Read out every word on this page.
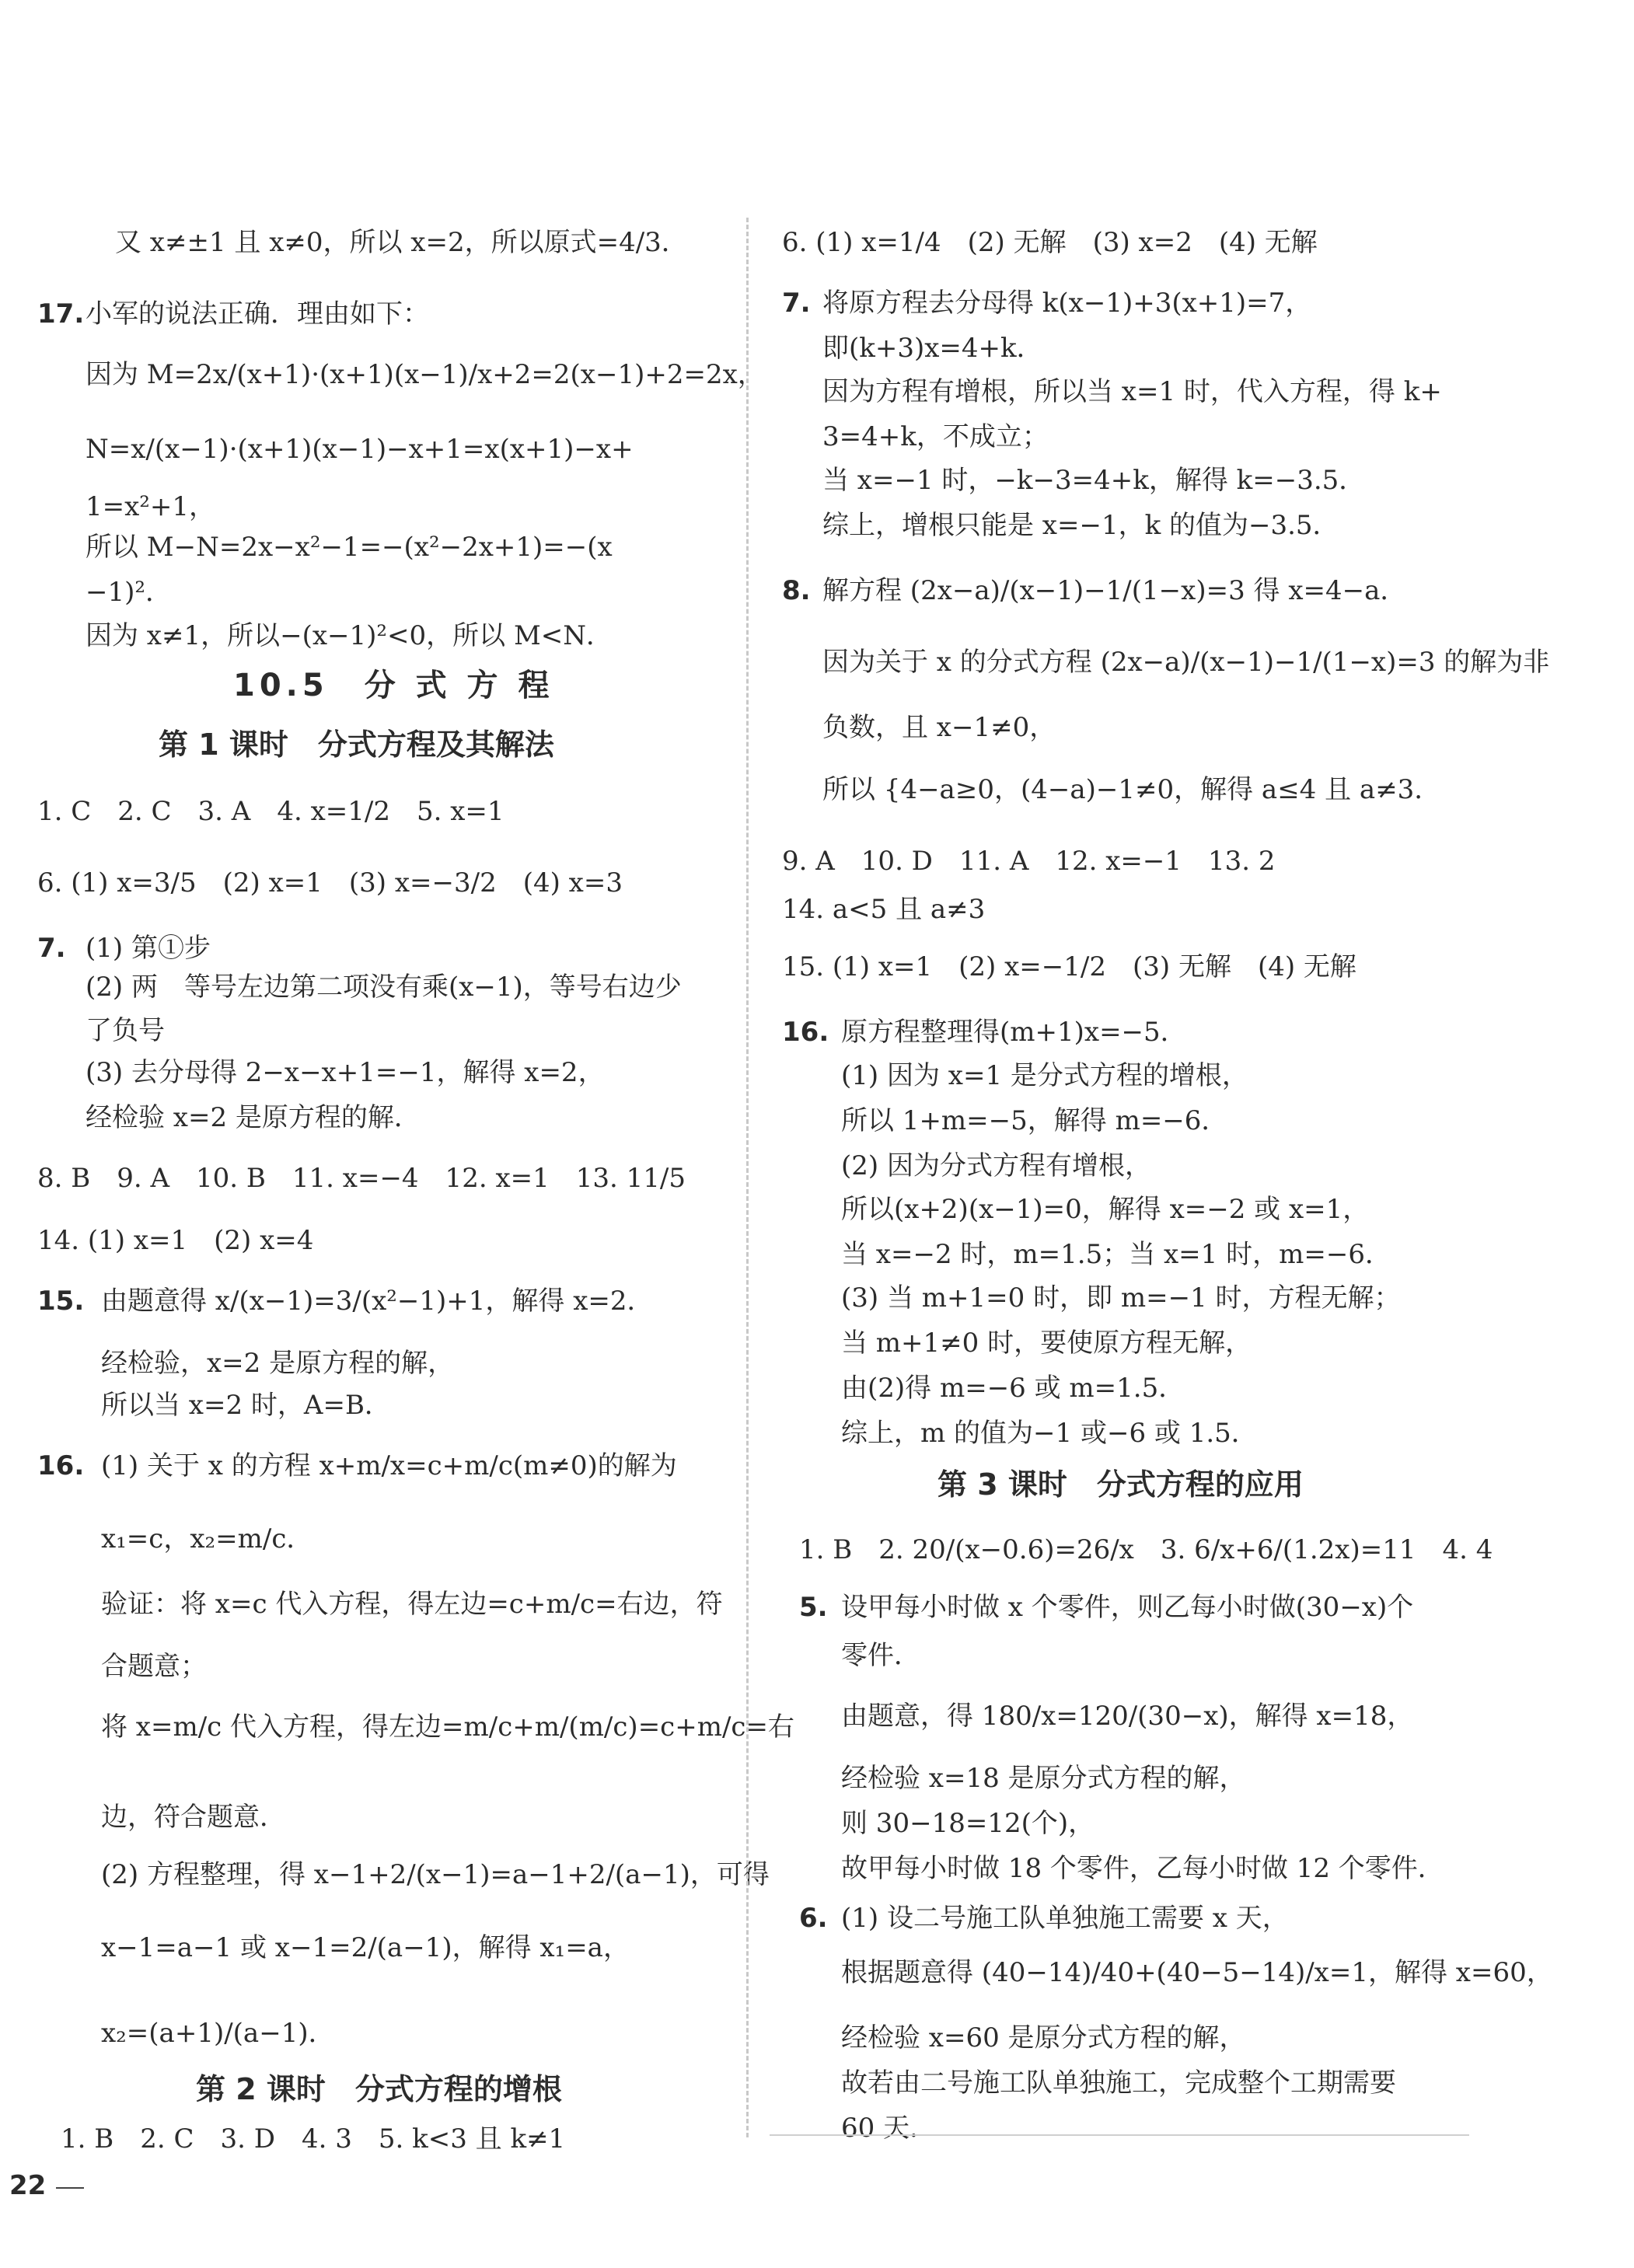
又 x≠±1 且 x≠0，所以 x=2，所以原式=4/3．
17. 小军的说法正确．理由如下：
因为 M=2x/(x+1)·(x+1)(x−1)/x+2=2(x−1)+2=2x，
N=x/(x−1)·(x+1)(x−1)−x+1=x(x+1)−x+
1=x²+1，
所以 M−N=2x−x²−1=−(x²−2x+1)=−(x
−1)²．
因为 x≠1，所以−(x−1)²<0，所以 M<N．
10.5　分 式 方 程
第 1 课时　分式方程及其解法
1. C　2. C　3. A　4. x=1/2　5. x=1
6. (1) x=3/5　(2) x=1　(3) x=−3/2　(4) x=3
7. (1) 第①步
(2) 两　等号左边第二项没有乘(x−1)，等号右边少
了负号
(3) 去分母得 2−x−x+1=−1，解得 x=2，
经检验 x=2 是原方程的解．
8. B　9. A　10. B　11. x=−4　12. x=1　13. 11/5
14. (1) x=1　(2) x=4
15. 由题意得 x/(x−1)=3/(x²−1)+1，解得 x=2．
经检验，x=2 是原方程的解，
所以当 x=2 时，A=B．
16. (1) 关于 x 的方程 x+m/x=c+m/c(m≠0)的解为
x₁=c，x₂=m/c．
验证：将 x=c 代入方程，得左边=c+m/c=右边，符
合题意；
将 x=m/c 代入方程，得左边=m/c+m/(m/c)=c+m/c=右
边，符合题意．
(2) 方程整理，得 x−1+2/(x−1)=a−1+2/(a−1)，可得
x−1=a−1 或 x−1=2/(a−1)，解得 x₁=a，
x₂=(a+1)/(a−1)．
第 2 课时　分式方程的增根
1. B　2. C　3. D　4. 3　5. k<3 且 k≠1
6. (1) x=1/4　(2) 无解　(3) x=2　(4) 无解
7. 将原方程去分母得 k(x−1)+3(x+1)=7，
即(k+3)x=4+k．
因为方程有增根，所以当 x=1 时，代入方程，得 k+
3=4+k，不成立；
当 x=−1 时，−k−3=4+k，解得 k=−3.5．
综上，增根只能是 x=−1，k 的值为−3.5．
8. 解方程 (2x−a)/(x−1)−1/(1−x)=3 得 x=4−a．
因为关于 x 的分式方程 (2x−a)/(x−1)−1/(1−x)=3 的解为非
负数，且 x−1≠0，
所以 {4−a≥0，(4−a)−1≠0，解得 a≤4 且 a≠3．
9. A　10. D　11. A　12. x=−1　13. 2
14. a<5 且 a≠3
15. (1) x=1　(2) x=−1/2　(3) 无解　(4) 无解
16. 原方程整理得(m+1)x=−5．
(1) 因为 x=1 是分式方程的增根，
所以 1+m=−5，解得 m=−6．
(2) 因为分式方程有增根，
所以(x+2)(x−1)=0，解得 x=−2 或 x=1，
当 x=−2 时，m=1.5；当 x=1 时，m=−6．
(3) 当 m+1=0 时，即 m=−1 时，方程无解；
当 m+1≠0 时，要使原方程无解，
由(2)得 m=−6 或 m=1.5．
综上，m 的值为−1 或−6 或 1.5．
第 3 课时　分式方程的应用
1. B　2. 20/(x−0.6)=26/x　3. 6/x+6/(1.2x)=11　4. 4
5. 设甲每小时做 x 个零件，则乙每小时做(30−x)个
零件．
由题意，得 180/x=120/(30−x)，解得 x=18，
经检验 x=18 是原分式方程的解，
则 30−18=12(个)，
故甲每小时做 18 个零件，乙每小时做 12 个零件．
6. (1) 设二号施工队单独施工需要 x 天，
根据题意得 (40−14)/40+(40−5−14)/x=1，解得 x=60，
经检验 x=60 是原分式方程的解，
故若由二号施工队单独施工，完成整个工期需要
60 天．
22
